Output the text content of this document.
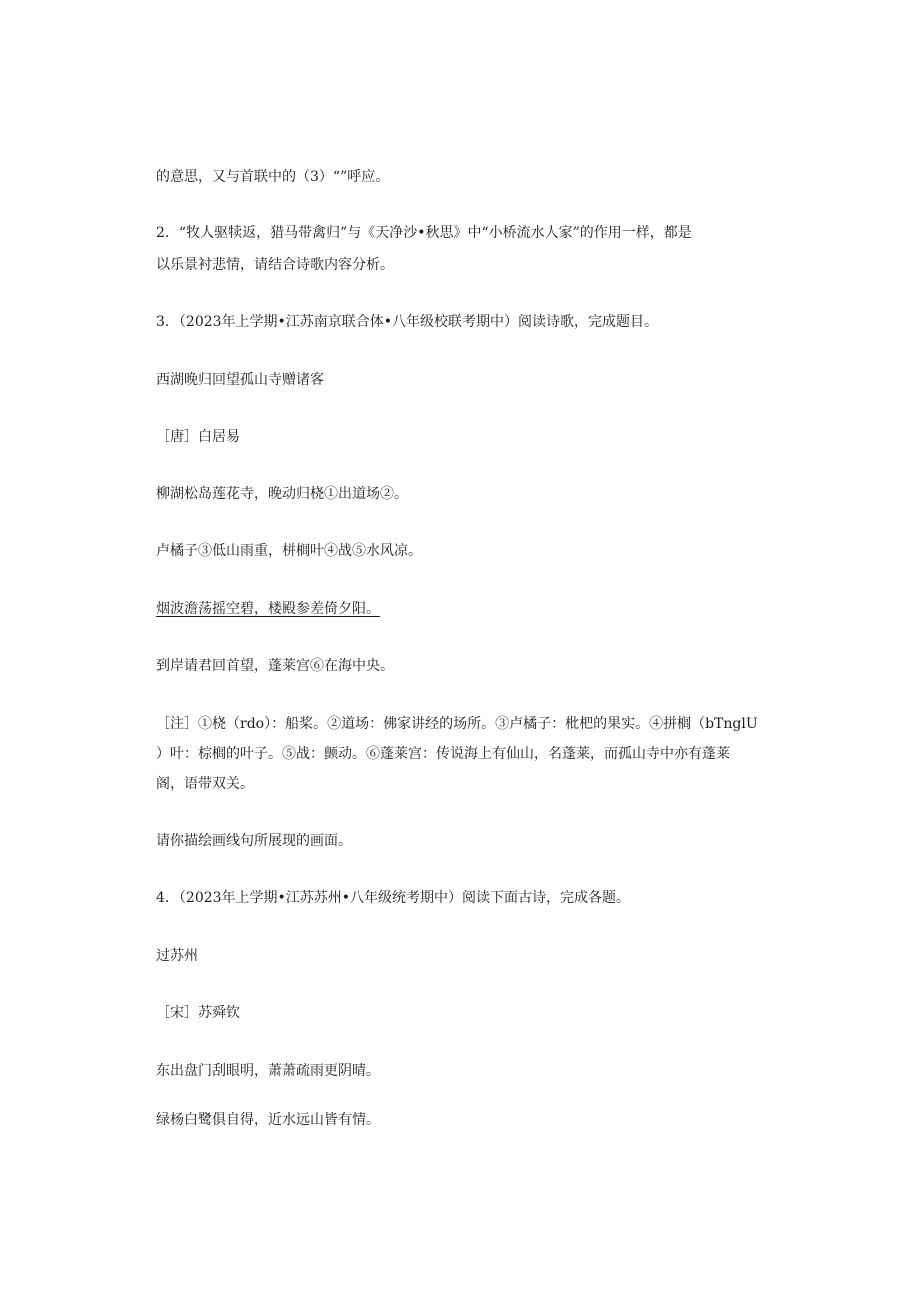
的意思，又与首联中的（3）“”呼应。
2．“牧人驱犊返，猎马带禽归”与《天净沙•秋思》中“小桥流水人家”的作用一样，都是
以乐景衬悲情，请结合诗歌内容分析。
3．（2023年上学期•江苏南京联合体•八年级校联考期中）阅读诗歌，完成题目。
西湖晚归回望孤山寺赠诸客
［唐］白居易
柳湖松岛莲花寺，晚动归桡①出道场②。
卢橘子③低山雨重，栟榈叶④战⑤水风凉。
烟波澹荡摇空碧，楼殿参差倚夕阳。
到岸请君回首望，蓬莱宫⑥在海中央。
［注］①桡（rdo）：船桨。②道场：佛家讲经的场所。③卢橘子：枇杷的果实。④拼榈（bTnglU
）叶：棕榈的叶子。⑤战：颤动。⑥蓬莱宫：传说海上有仙山，名蓬莱，而孤山寺中亦有蓬莱
阁，语带双关。
请你描绘画线句所展现的画面。
4．（2023年上学期•江苏苏州•八年级统考期中）阅读下面古诗，完成各题。
过苏州
［宋］苏舜钦
东出盘门刮眼明，萧萧疏雨更阴晴。
绿杨白鹭俱自得，近水远山皆有情。
